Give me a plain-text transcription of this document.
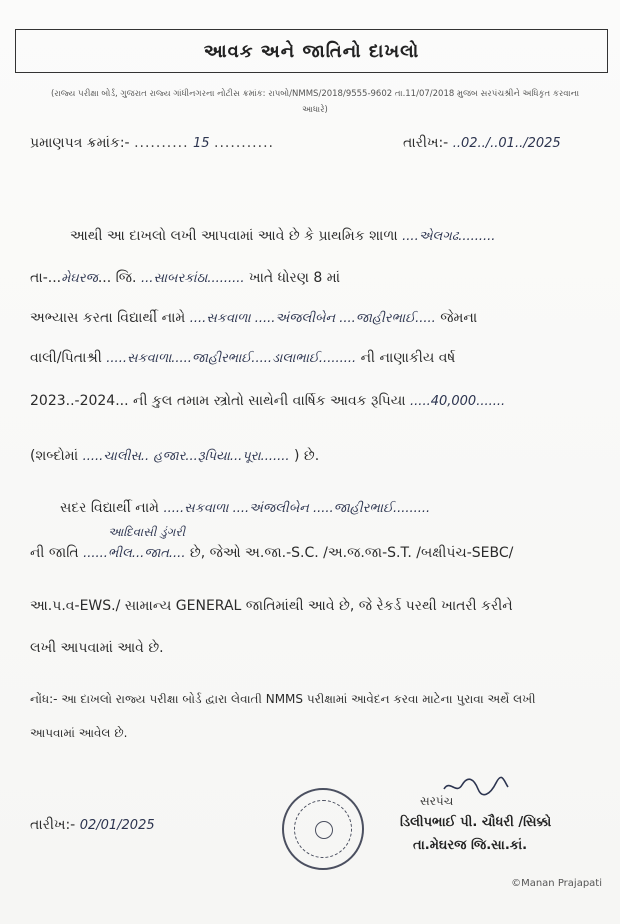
આવક અને જાતિનો દાખલો
(રાજ્ય પરીક્ષા બોર્ડ, ગુજરાત રાજ્ય ગાંધીનગરના નોટીસ ક્રમાંક: રાપબો/NMMS/2018/9555-9602 તા.11/07/2018 મુજબ સરપંચશ્રીને અધિકૃત કરવાના આધારે)
પ્રમાણપત્ર ક્રમાંક:- .......... 15 ...........	તારીખ:- ..02../..01../2025
આથી આ દાખલો લખી આપવામાં આવે છે કે પ્રાથમિક શાળા ....એલગઢ.........
તા-...મેઘરજ... જિ. ...સાબરકાંઠા......... ખાતે ધોરણ 8 માં
અભ્યાસ કરતા વિદ્યાર્થી નામે ....સકવાળા .....અંજલીબેન ....જાહીરભાઈ..... જેમના
વાલી/પિતાશ્રી .....સકવાળા.....જાહીરભાઈ.....ડાલાભાઈ......... ની નાણાકીય વર્ષ
2023..-2024... ની કુલ તમામ સ્ત્રોતો સાથેની વાર્ષિક આવક રૂપિયા .....40,000.......
(શબ્દોમાં .....ચાલીસ.. હજાર...રૂપિયા...પૂરા....... ) છે.
સદર વિદ્યાર્થી નામે .....સકવાળા ....અંજલીબેન .....જાહીરભાઈ.........
આદિવાસી ડુંગરી
ની જાતિ ......ભીલ...જાત.... છે, જેઓ અ.જા.-S.C. /અ.જ.જા-S.T. /બક્ષીપંચ-SEBC/
આ.પ.વ-EWS./ સામાન્ય GENERAL જાતિમાંથી આવે છે, જે રેકર્ડ પરથી ખાતરી કરીને
લખી આપવામાં આવે છે.
નોંધ:- આ દાખલો રાજ્ય પરીક્ષા બોર્ડ દ્વારા લેવાતી NMMS પરીક્ષામાં આવેદન કરવા માટેના પુરાવા અર્થે લખી
આપવામાં આવેલ છે.
તારીખ:- 02/01/2025
સરપંચ
ડિલીપભાઈ પી. ચૌધરી /સિક્કો
તા.મેઘરજ જિ.સા.કાં.
©Manan Prajapati
